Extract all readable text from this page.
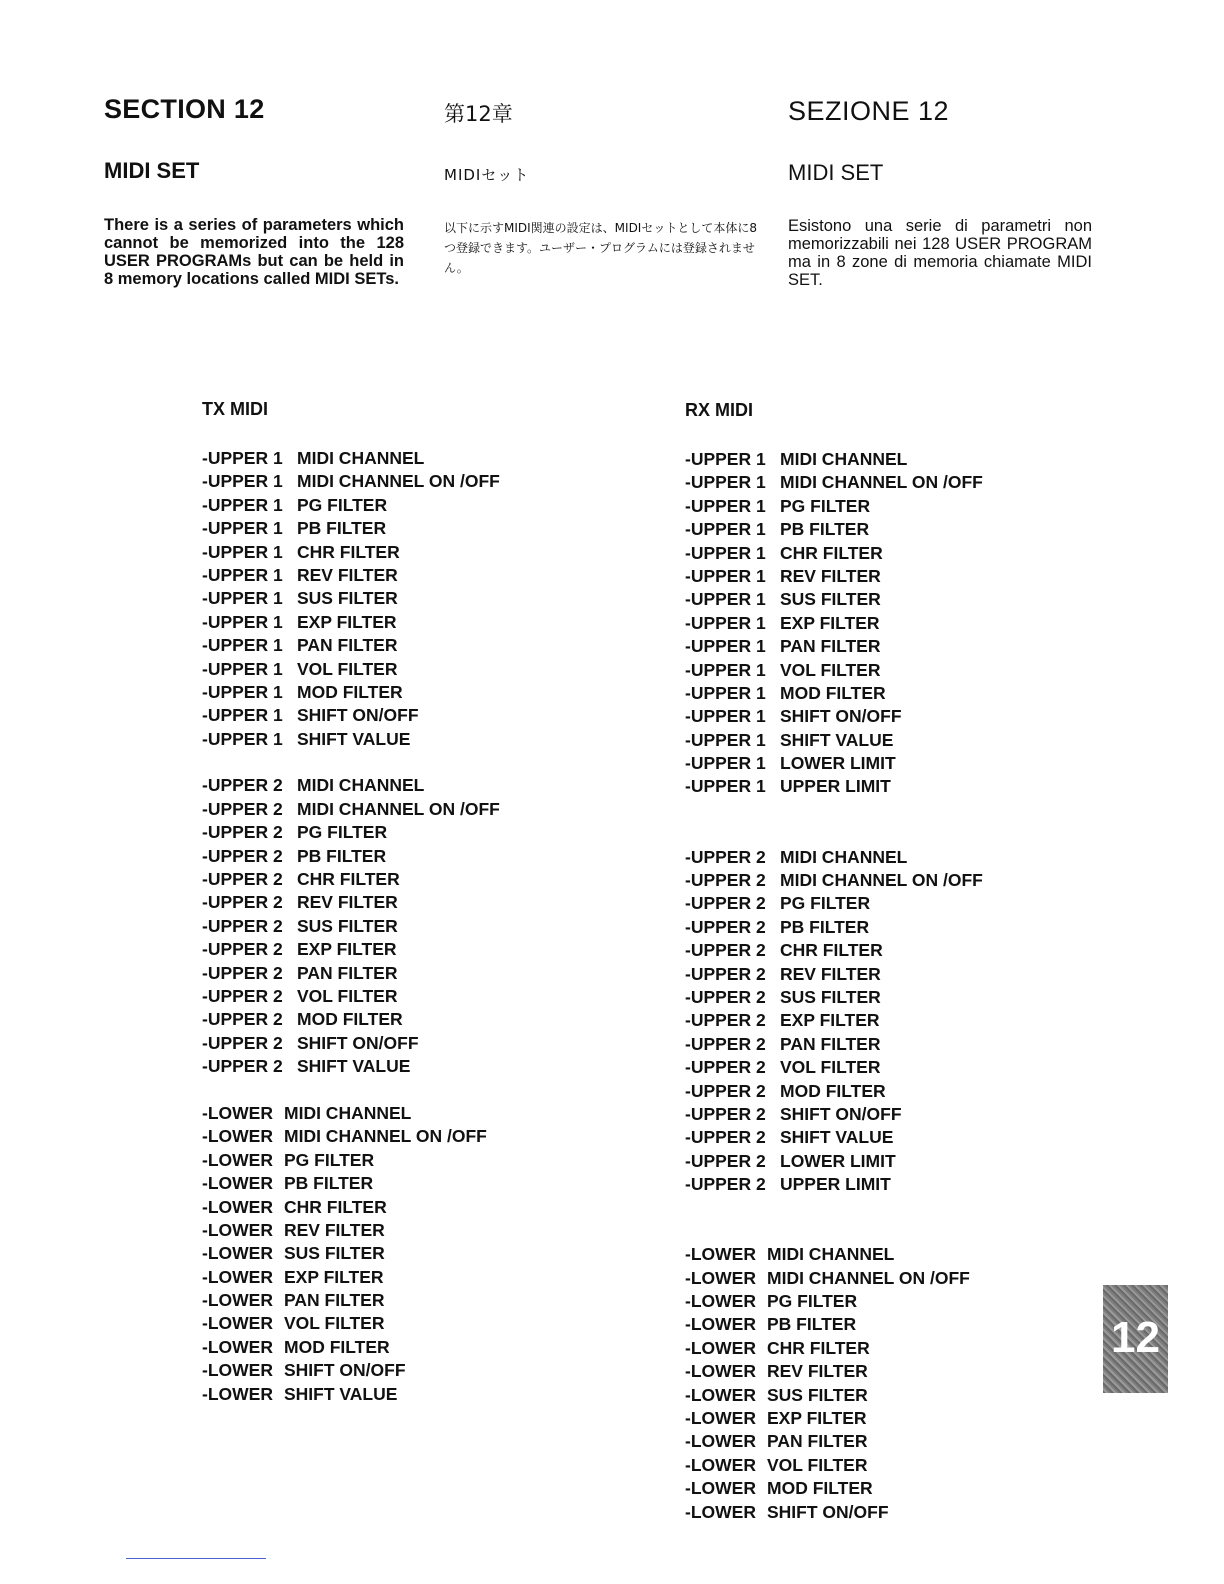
SECTION 12	第12章	SEZIONE 12
MIDI SET	MIDIセット	MIDI SET
There is a series of parameters which cannot be memorized into the 128 USER PROGRAMs but can be held in 8 memory locations called MIDI SETs.
以下に示すMIDI関連の設定は、MIDIセットとして本体に8つ登録できます。ユーザー・プログラムには登録されません。
Esistono una serie di parametri non memorizzabili nei 128 USER PROGRAM ma in 8 zone di memoria chiamate MIDI SET.
TX MIDI
-UPPER 1 MIDI CHANNEL
-UPPER 1 MIDI CHANNEL ON /OFF
-UPPER 1 PG FILTER
-UPPER 1 PB FILTER
-UPPER 1 CHR FILTER
-UPPER 1 REV FILTER
-UPPER 1 SUS FILTER
-UPPER 1 EXP FILTER
-UPPER 1 PAN FILTER
-UPPER 1 VOL FILTER
-UPPER 1 MOD FILTER
-UPPER 1 SHIFT ON/OFF
-UPPER 1 SHIFT VALUE
-UPPER 2 MIDI CHANNEL
-UPPER 2 MIDI CHANNEL ON /OFF
-UPPER 2 PG FILTER
-UPPER 2 PB FILTER
-UPPER 2 CHR FILTER
-UPPER 2 REV FILTER
-UPPER 2 SUS FILTER
-UPPER 2 EXP FILTER
-UPPER 2 PAN FILTER
-UPPER 2 VOL FILTER
-UPPER 2 MOD FILTER
-UPPER 2 SHIFT ON/OFF
-UPPER 2 SHIFT VALUE
-LOWER MIDI CHANNEL
-LOWER MIDI CHANNEL ON /OFF
-LOWER PG FILTER
-LOWER PB FILTER
-LOWER CHR FILTER
-LOWER REV FILTER
-LOWER SUS FILTER
-LOWER EXP FILTER
-LOWER PAN FILTER
-LOWER VOL FILTER
-LOWER MOD FILTER
-LOWER SHIFT ON/OFF
-LOWER SHIFT VALUE
RX MIDI
-UPPER 1 MIDI CHANNEL
-UPPER 1 MIDI CHANNEL ON /OFF
-UPPER 1 PG FILTER
-UPPER 1 PB FILTER
-UPPER 1 CHR FILTER
-UPPER 1 REV FILTER
-UPPER 1 SUS FILTER
-UPPER 1 EXP FILTER
-UPPER 1 PAN FILTER
-UPPER 1 VOL FILTER
-UPPER 1 MOD FILTER
-UPPER 1 SHIFT ON/OFF
-UPPER 1 SHIFT VALUE
-UPPER 1 LOWER LIMIT
-UPPER 1 UPPER LIMIT
-UPPER 2 MIDI CHANNEL
-UPPER 2 MIDI CHANNEL ON /OFF
-UPPER 2 PG FILTER
-UPPER 2 PB FILTER
-UPPER 2 CHR FILTER
-UPPER 2 REV FILTER
-UPPER 2 SUS FILTER
-UPPER 2 EXP FILTER
-UPPER 2 PAN FILTER
-UPPER 2 VOL FILTER
-UPPER 2 MOD FILTER
-UPPER 2 SHIFT ON/OFF
-UPPER 2 SHIFT VALUE
-UPPER 2 LOWER LIMIT
-UPPER 2 UPPER LIMIT
-LOWER MIDI CHANNEL
-LOWER MIDI CHANNEL ON /OFF
-LOWER PG FILTER
-LOWER PB FILTER
-LOWER CHR FILTER
-LOWER REV FILTER
-LOWER SUS FILTER
-LOWER EXP FILTER
-LOWER PAN FILTER
-LOWER VOL FILTER
-LOWER MOD FILTER
-LOWER SHIFT ON/OFF
12
